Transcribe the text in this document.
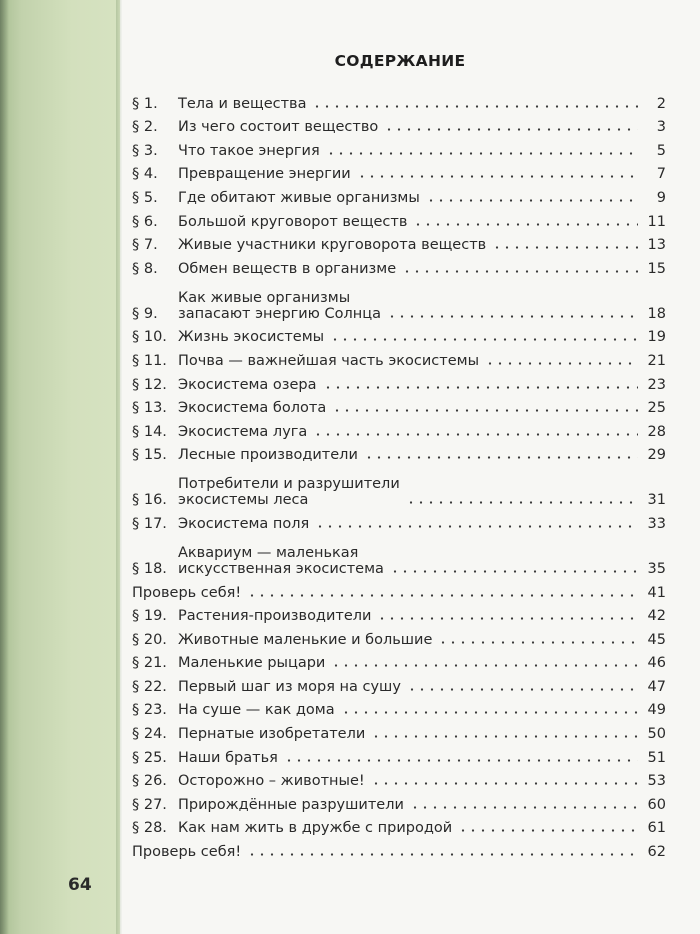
64
СОДЕРЖАНИЕ
§ 1.	Тела и вещества	2
§ 2.	Из чего состоит вещество	3
§ 3.	Что такое энергия	5
§ 4.	Превращение энергии	7
§ 5.	Где обитают живые организмы	9
§ 6.	Большой круговорот веществ	11
§ 7.	Живые участники круговорота веществ	13
§ 8.	Обмен веществ в организме	15
§ 9.
Как живые организмы
запасают энергию Солнца	18
§ 10. Жизнь экосистемы	19
§ 11. Почва — важнейшая часть экосистемы	21
§ 12. Экосистема озера	23
§ 13. Экосистема болота	25
§ 14. Экосистема луга	28
§ 15. Лесные производители	29
§ 16.
Потребители и разрушители
экосистемы леса	31
§ 17. Экосистема поля	33
§ 18.
Аквариум — маленькая
искусственная экосистема	35
Проверь себя!	41
§ 19. Растения-производители	42
§ 20. Животные маленькие и большие	45
§ 21. Маленькие рыцари	46
§ 22. Первый шаг из моря на сушу	47
§ 23. На суше — как дома	49
§ 24. Пернатые изобретатели	50
§ 25. Наши братья	51
§ 26. Осторожно – животные!	53
§ 27. Прирождённые разрушители	60
§ 28. Как нам жить в дружбе с природой	61
Проверь себя!	62
